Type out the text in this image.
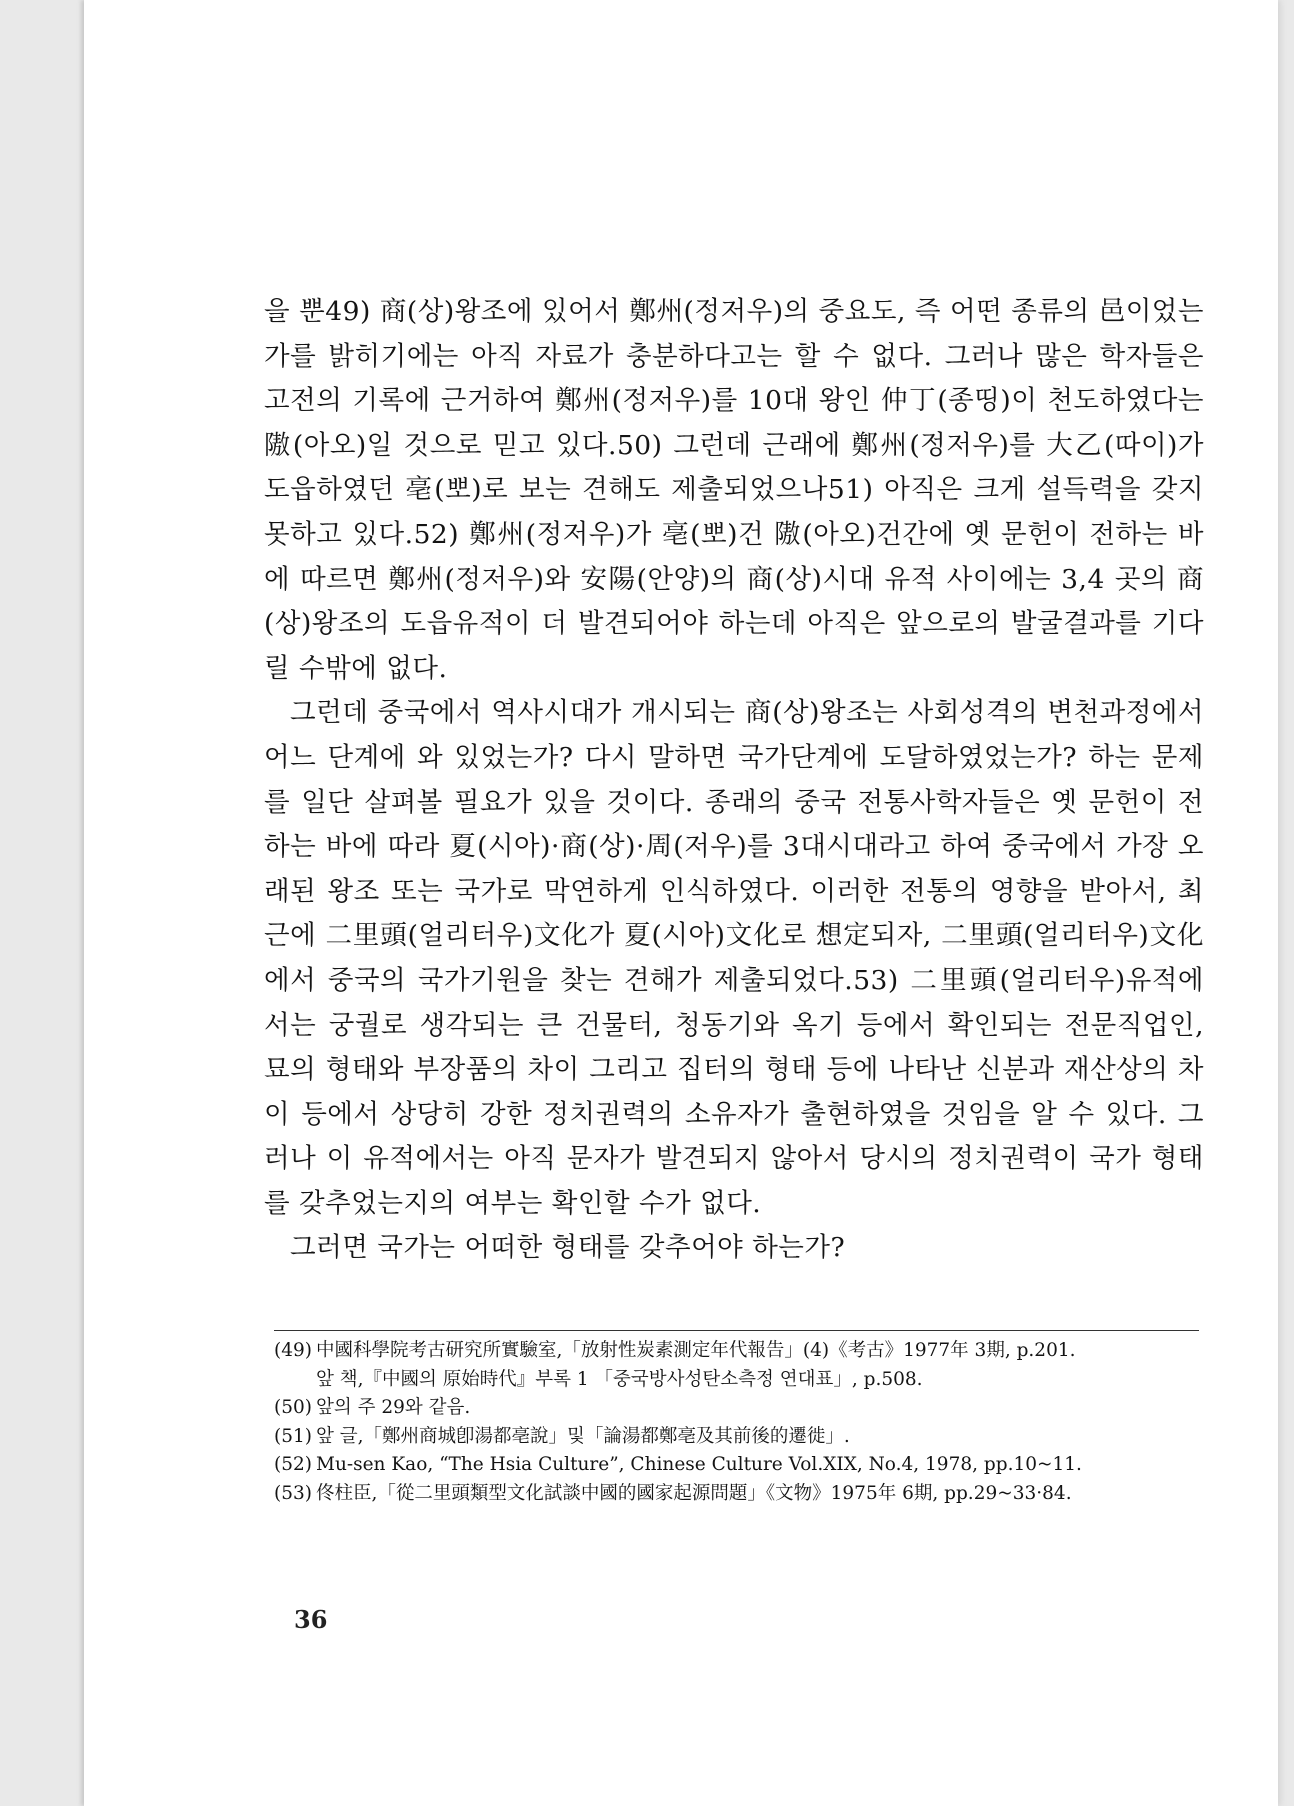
을 뿐49) 商(상)왕조에 있어서 鄭州(정저우)의 중요도, 즉 어떤 종류의 邑이었는가를 밝히기에는 아직 자료가 충분하다고는 할 수 없다. 그러나 많은 학자들은 고전의 기록에 근거하여 鄭州(정저우)를 10대 왕인 仲丁(종띵)이 천도하였다는 隞(아오)일 것으로 믿고 있다.50) 그런데 근래에 鄭州(정저우)를 大乙(따이)가 도읍하였던 亳(뽀)로 보는 견해도 제출되었으나51) 아직은 크게 설득력을 갖지 못하고 있다.52) 鄭州(정저우)가 亳(뽀)건 隞(아오)건간에 옛 문헌이 전하는 바에 따르면 鄭州(정저우)와 安陽(안양)의 商(상)시대 유적 사이에는 3,4 곳의 商(상)왕조의 도읍유적이 더 발견되어야 하는데 아직은 앞으로의 발굴결과를 기다릴 수밖에 없다.

그런데 중국에서 역사시대가 개시되는 商(상)왕조는 사회성격의 변천과정에서 어느 단계에 와 있었는가? 다시 말하면 국가단계에 도달하였었는가? 하는 문제를 일단 살펴볼 필요가 있을 것이다. 종래의 중국 전통사학자들은 옛 문헌이 전하는 바에 따라 夏(시아)·商(상)·周(저우)를 3대시대라고 하여 중국에서 가장 오래된 왕조 또는 국가로 막연하게 인식하였다. 이러한 전통의 영향을 받아서, 최근에 二里頭(얼리터우)文化가 夏(시아)文化로 想定되자, 二里頭(얼리터우)文化에서 중국의 국가기원을 찾는 견해가 제출되었다.53) 二里頭(얼리터우)유적에서는 궁궐로 생각되는 큰 건물터, 청동기와 옥기 등에서 확인되는 전문직업인, 묘의 형태와 부장품의 차이 그리고 집터의 형태 등에 나타난 신분과 재산상의 차이 등에서 상당히 강한 정치권력의 소유자가 출현하였을 것임을 알 수 있다. 그러나 이 유적에서는 아직 문자가 발견되지 않아서 당시의 정치권력이 국가 형태를 갖추었는지의 여부는 확인할 수가 없다.

그러면 국가는 어떠한 형태를 갖추어야 하는가?

(49) 中國科學院考古研究所實驗室,「放射性炭素測定年代報告」(4)《考古》1977年 3期, p.201.
앞 책,『中國의 原始時代』부록 1 「중국방사성탄소측정 연대표」, p.508.
(50) 앞의 주 29와 같음.
(51) 앞 글,「鄭州商城卽湯都亳說」및「論湯都鄭亳及其前後的遷徙」.
(52) Mu-sen Kao, “The Hsia Culture”, Chinese Culture Vol.XIX, No.4, 1978, pp.10~11.
(53) 佟柱臣,「從二里頭類型文化試談中國的國家起源問題」《文物》1975年 6期, pp.29~33·84.
36
